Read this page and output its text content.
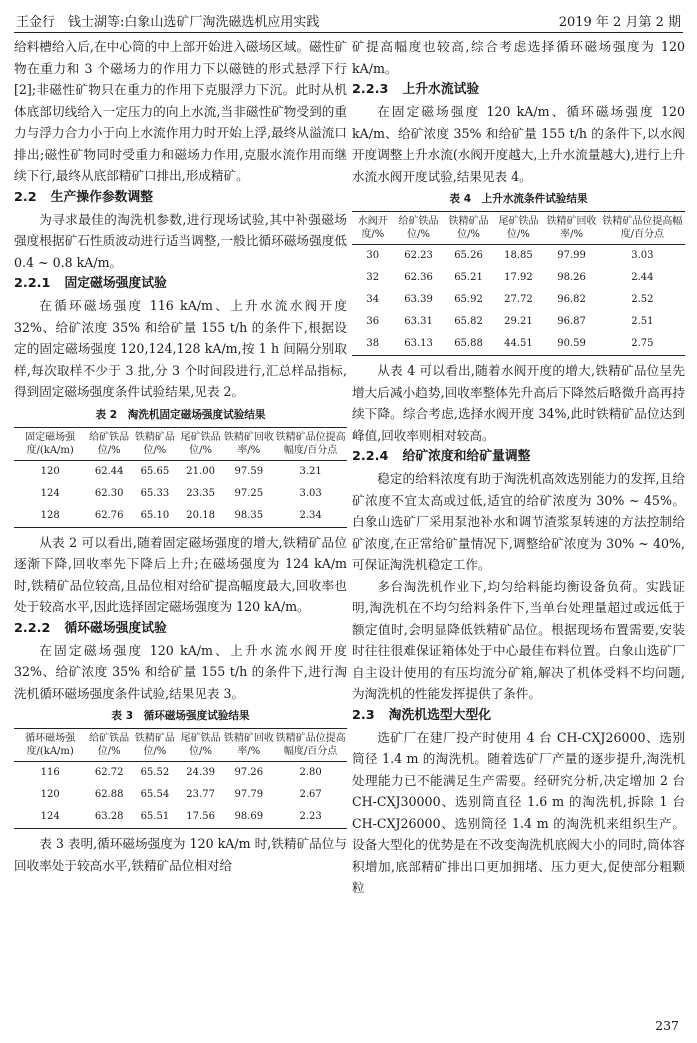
王金行　钱士湖等:白象山选矿厂淘洗磁选机应用实践	2019 年 2 月第 2 期

给料槽给入后,在中心筒的中上部开始进入磁场区域。磁性矿物在重力和 3 个磁场力的作用力下以磁链的形式悬浮下行[2];非磁性矿物只在重力的作用下克服浮力下沉。此时从机体底部切线给入一定压力的向上水流,当非磁性矿物受到的重力与浮力合力小于向上水流作用力时开始上浮,最终从溢流口排出;磁性矿物同时受重力和磁场力作用,克服水流作用而继续下行,最终从底部精矿口排出,形成精矿。

2.2 生产操作参数调整

为寻求最佳的淘洗机参数,进行现场试验,其中补强磁场强度根据矿石性质波动进行适当调整,一般比循环磁场强度低 0.4 ~ 0.8 kA/m。

2.2.1 固定磁场强度试验

在循环磁场强度 116 kA/m、上升水流水阀开度 32%、给矿浓度 35% 和给矿量 155 t/h 的条件下,根据设定的固定磁场强度 120,124,128 kA/m,按 1 h 间隔分别取样,每次取样不少于 3 批,分 3 个时间段进行,汇总样品指标,得到固定磁场强度条件试验结果,见表 2。

表 2　淘洗机固定磁场强度试验结果
固定磁场强度/(kA/m)	给矿铁品位/%	铁精矿品位/%	尾矿铁品位/%	铁精矿回收率/%	铁精矿品位提高幅度/百分点
120	62.44	65.65	21.00	97.59	3.21
124	62.30	65.33	23.35	97.25	3.03
128	62.76	65.10	20.18	98.35	2.34

从表 2 可以看出,随着固定磁场强度的增大,铁精矿品位逐渐下降,回收率先下降后上升;在磁场强度为 124 kA/m 时,铁精矿品位较高,且品位相对给矿提高幅度最大,回收率也处于较高水平,因此选择固定磁场强度为 120 kA/m。

2.2.2 循环磁场强度试验

在固定磁场强度 120 kA/m、上升水流水阀开度 32%、给矿浓度 35% 和给矿量 155 t/h 的条件下,进行淘洗机循环磁场强度条件试验,结果见表 3。

表 3　循环磁场强度试验结果
循环磁场强度/(kA/m)	给矿铁品位/%	铁精矿品位/%	尾矿铁品位/%	铁精矿回收率/%	铁精矿品位提高幅度/百分点
116	62.72	65.52	24.39	97.26	2.80
120	62.88	65.54	23.77	97.79	2.67
124	63.28	65.51	17.56	98.69	2.23

表 3 表明,循环磁场强度为 120 kA/m 时,铁精矿品位与回收率处于较高水平,铁精矿品位相对给

矿提高幅度也较高,综合考虑选择循环磁场强度为 120 kA/m。

2.2.3 上升水流试验

在固定磁场强度 120 kA/m、循环磁场强度 120 kA/m、给矿浓度 35% 和给矿量 155 t/h 的条件下,以水阀开度调整上升水流(水阀开度越大,上升水流量越大),进行上升水流水阀开度试验,结果见表 4。

表 4　上升水流条件试验结果
水阀开度/%	给矿铁品位/%	铁精矿品位/%	尾矿铁品位/%	铁精矿回收率/%	铁精矿品位提高幅度/百分点
30	62.23	65.26	18.85	97.99	3.03
32	62.36	65.21	17.92	98.26	2.44
34	63.39	65.92	27.72	96.82	2.52
36	63.31	65.82	29.21	96.87	2.51
38	63.13	65.88	44.51	90.59	2.75

从表 4 可以看出,随着水阀开度的增大,铁精矿品位呈先增大后减小趋势,回收率整体先升高后下降然后略微升高再持续下降。综合考虑,选择水阀开度 34%,此时铁精矿品位达到峰值,回收率则相对较高。

2.2.4 给矿浓度和给矿量调整

稳定的给料浓度有助于淘洗机高效选别能力的发挥,且给矿浓度不宜太高或过低,适宜的给矿浓度为 30% ~ 45%。白象山选矿厂采用泵池补水和调节渣浆泵转速的方法控制给矿浓度,在正常给矿量情况下,调整给矿浓度为 30% ~ 40%,可保证淘洗机稳定工作。

多台淘洗机作业下,均匀给料能均衡设备负荷。实践证明,淘洗机在不均匀给料条件下,当单台处理量超过或远低于额定值时,会明显降低铁精矿品位。根据现场布置需要,安装时往往很难保证箱体处于中心最佳布料位置。白象山选矿厂自主设计使用的有压均流分矿箱,解决了机体受料不均问题,为淘洗机的性能发挥提供了条件。

2.3 淘洗机选型大型化

选矿厂在建厂投产时使用 4 台 CH-CXJ26000、选别筒径 1.4 m 的淘洗机。随着选矿厂产量的逐步提升,淘洗机处理能力已不能满足生产需要。经研究分析,决定增加 2 台 CH-CXJ30000、选别筒直径 1.6 m 的淘洗机,拆除 1 台 CH-CXJ26000、选别筒径 1.4 m 的淘洗机来组织生产。设备大型化的优势是在不改变淘洗机底阀大小的同时,筒体容积增加,底部精矿排出口更加拥堵、压力更大,促使部分粗颗粒

237
